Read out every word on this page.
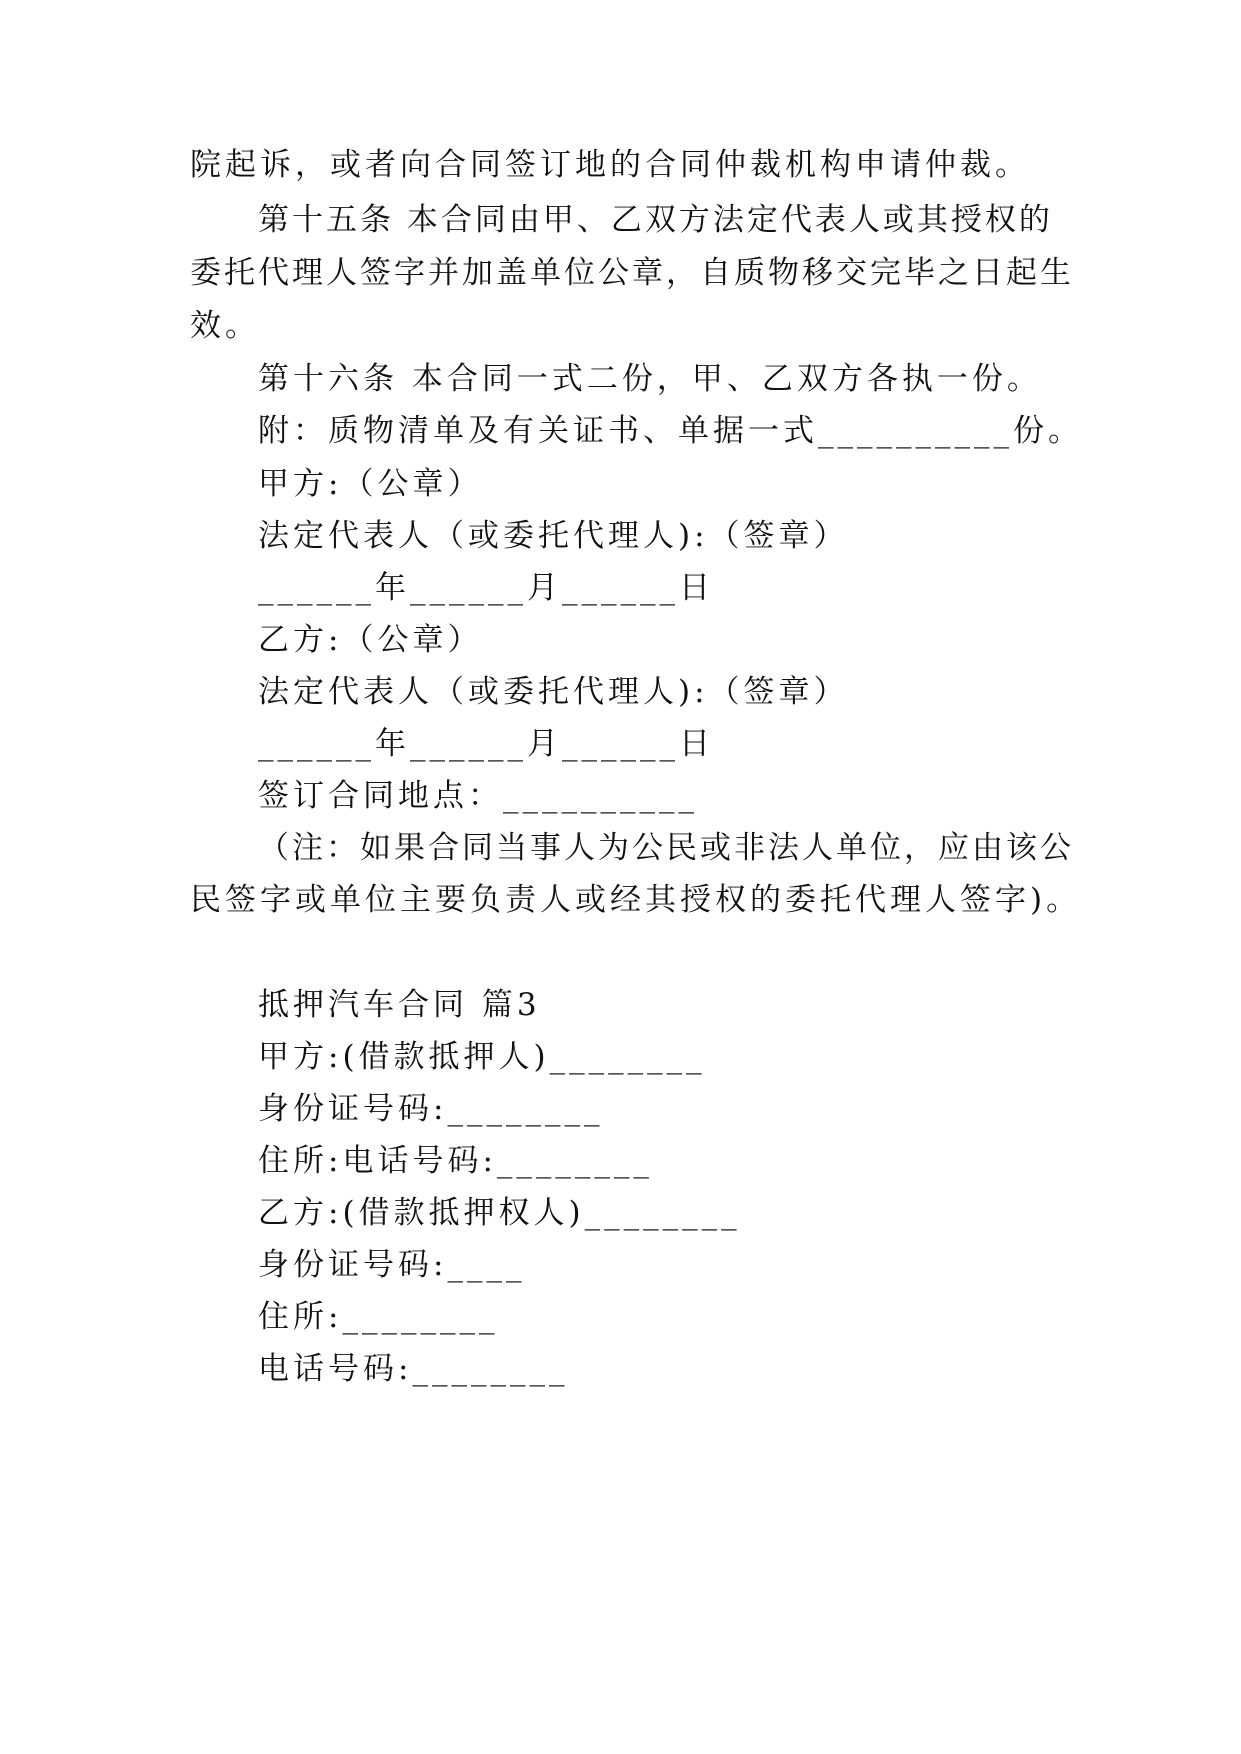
院起诉，或者向合同签订地的合同仲裁机构申请仲裁。
第十五条 本合同由甲、乙双方法定代表人或其授权的
委托代理人签字并加盖单位公章，自质物移交完毕之日起生
效。
第十六条 本合同一式二份，甲、乙双方各执一份。
附：质物清单及有关证书、单据一式__________份。
甲方:（公章）
法定代表人（或委托代理人):（签章）
______年______月______日
乙方:（公章）
法定代表人（或委托代理人):（签章）
______年______月______日
签订合同地点：__________
（注：如果合同当事人为公民或非法人单位，应由该公
民签字或单位主要负责人或经其授权的委托代理人签字)。
抵押汽车合同 篇3
甲方:(借款抵押人)________
身份证号码:________
住所:电话号码:________
乙方:(借款抵押权人)________
身份证号码:____
住所:________
电话号码:________
